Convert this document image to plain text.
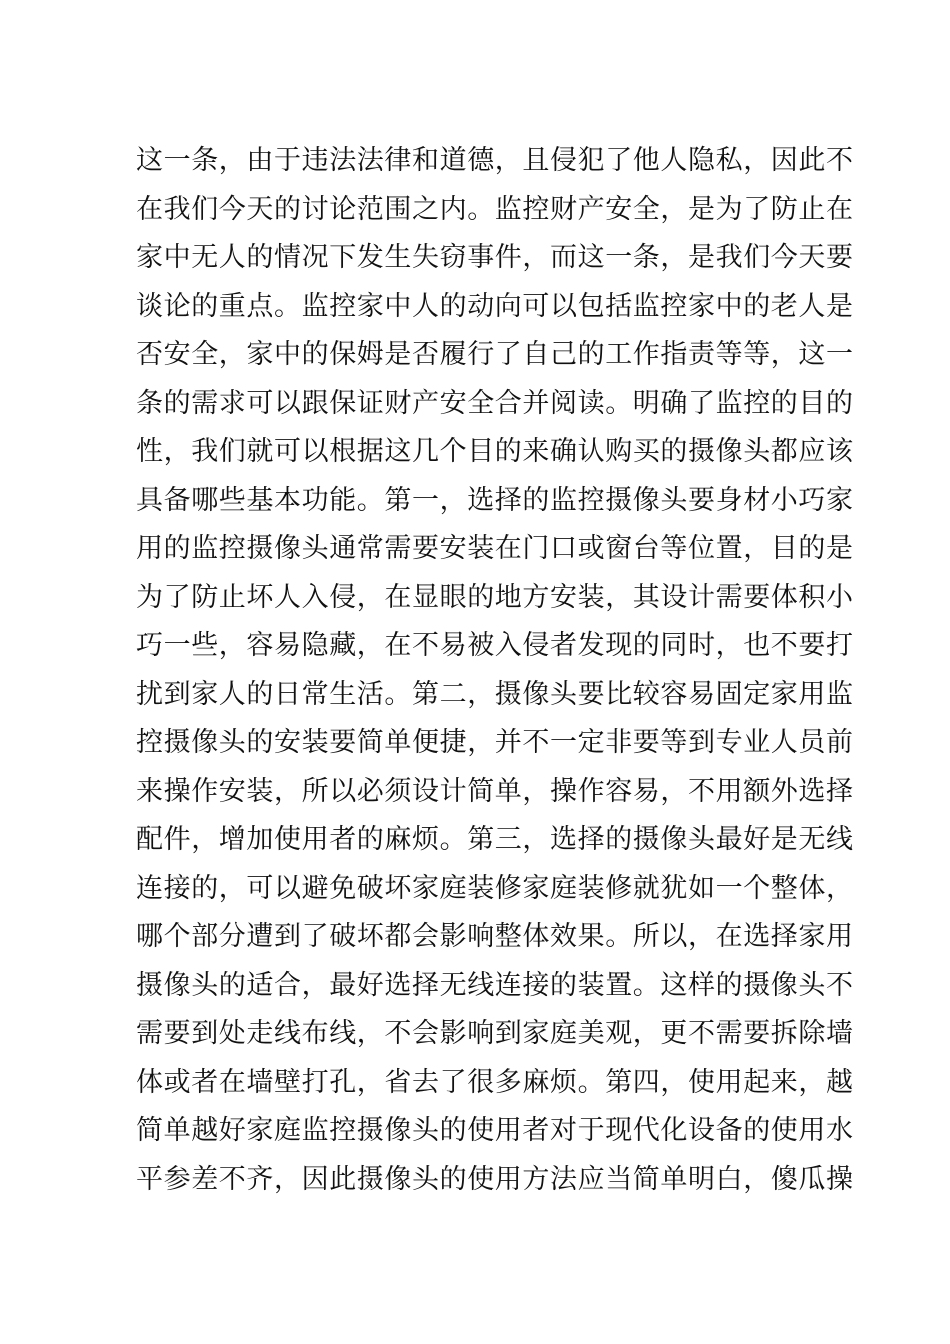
这一条，由于违法法律和道德，且侵犯了他人隐私，因此不
在我们今天的讨论范围之内。监控财产安全，是为了防止在
家中无人的情况下发生失窃事件，而这一条，是我们今天要
谈论的重点。监控家中人的动向可以包括监控家中的老人是
否安全，家中的保姆是否履行了自己的工作指责等等，这一
条的需求可以跟保证财产安全合并阅读。明确了监控的目的
性，我们就可以根据这几个目的来确认购买的摄像头都应该
具备哪些基本功能。第一，选择的监控摄像头要身材小巧家
用的监控摄像头通常需要安装在门口或窗台等位置，目的是
为了防止坏人入侵，在显眼的地方安装，其设计需要体积小
巧一些，容易隐藏，在不易被入侵者发现的同时，也不要打
扰到家人的日常生活。第二，摄像头要比较容易固定家用监
控摄像头的安装要简单便捷，并不一定非要等到专业人员前
来操作安装，所以必须设计简单，操作容易，不用额外选择
配件，增加使用者的麻烦。第三，选择的摄像头最好是无线
连接的，可以避免破坏家庭装修家庭装修就犹如一个整体，
哪个部分遭到了破坏都会影响整体效果。所以，在选择家用
摄像头的适合，最好选择无线连接的装置。这样的摄像头不
需要到处走线布线，不会影响到家庭美观，更不需要拆除墙
体或者在墙壁打孔，省去了很多麻烦。第四，使用起来，越
简单越好家庭监控摄像头的使用者对于现代化设备的使用水
平参差不齐，因此摄像头的使用方法应当简单明白，傻瓜操
